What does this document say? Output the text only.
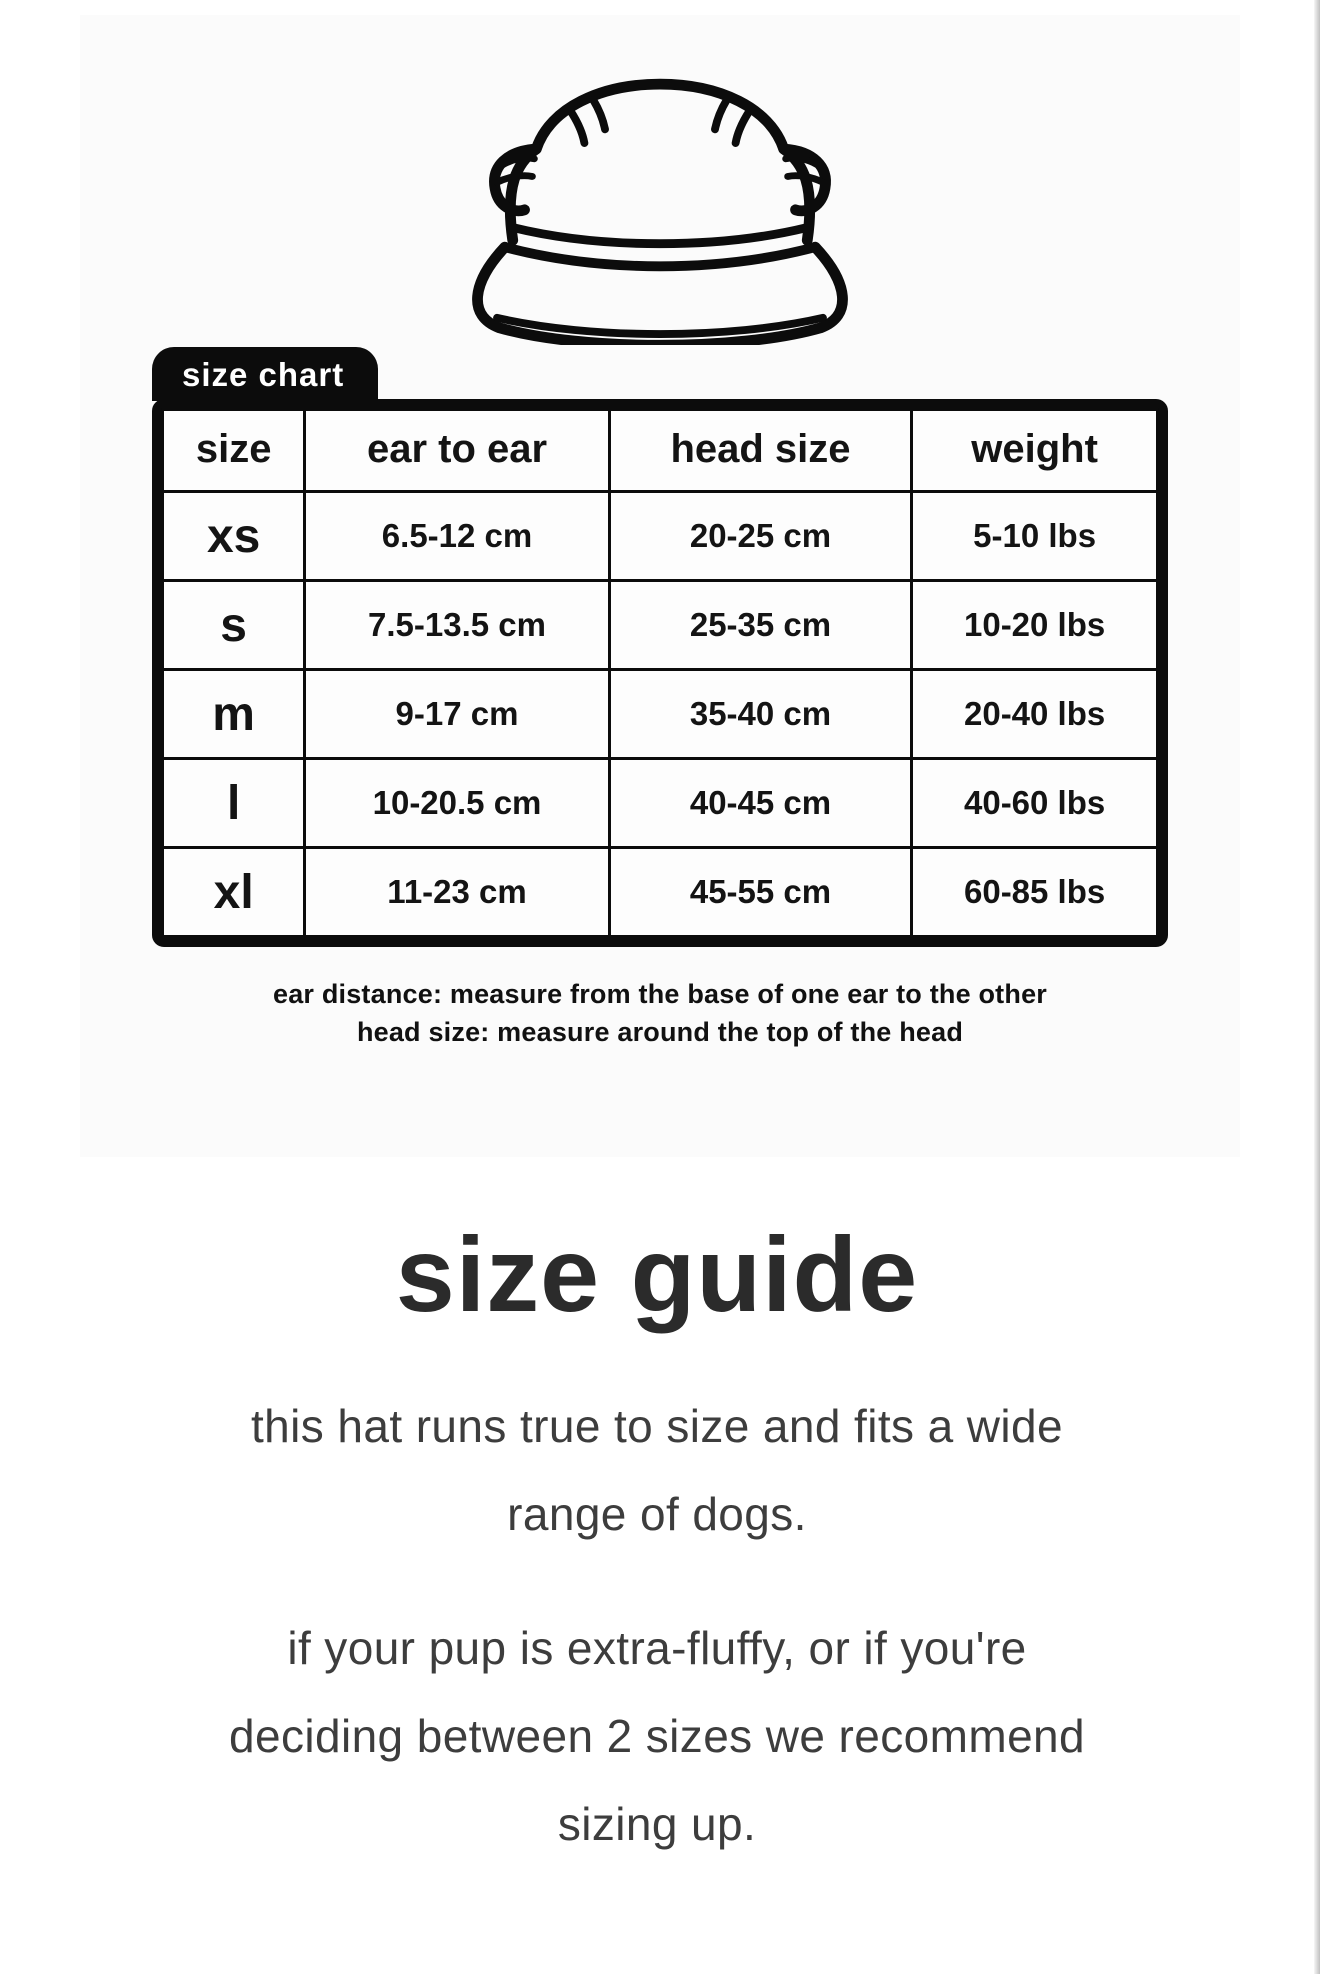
size chart
size	ear to ear	head size	weight
xs	6.5-12 cm	20-25 cm	5-10 lbs
s	7.5-13.5 cm	25-35 cm	10-20 lbs
m	9-17 cm	35-40 cm	20-40 lbs
l	10-20.5 cm	40-45 cm	40-60 lbs
xl	11-23 cm	45-55 cm	60-85 lbs
ear distance: measure from the base of one ear to the other
head size: measure around the top of the head
size guide

this hat runs true to size and fits a wide
range of dogs.

if your pup is extra-fluffy, or if you're
deciding between 2 sizes we recommend
sizing up.
